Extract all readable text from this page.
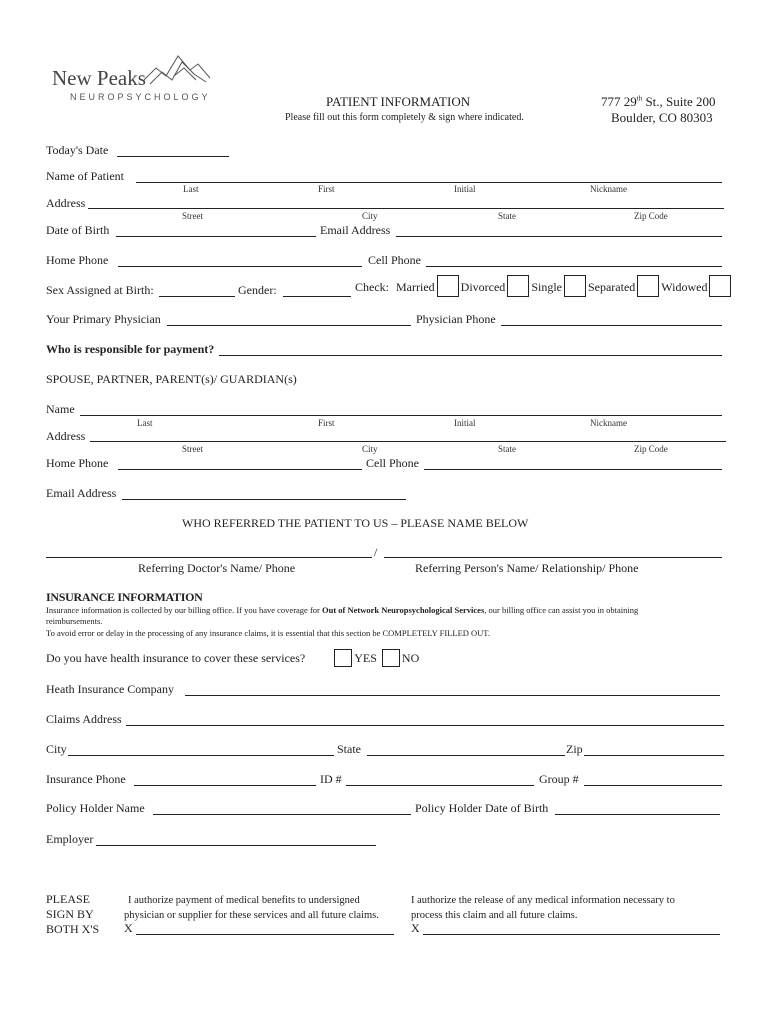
New Peaks
NEUROPSYCHOLOGY	PATIENT INFORMATION
Please fill out this form completely & sign where indicated.
777 29th St., Suite 200
Boulder, CO 80303
Today's Date
Name of Patient
Last	First	Initial	Nickname
Address
Street	City	State	Zip Code
Date of Birth	Email Address
Home Phone	Cell Phone
Sex Assigned at Birth:	Gender:	Check: Married Divorced Single Separated Widowed
Your Primary Physician	Physician Phone
Who is responsible for payment?
SPOUSE, PARTNER, PARENT(s)/ GUARDIAN(s)
Name
Last	First	Initial	Nickname
Address
Street	City	State	Zip Code
Home Phone	Cell Phone
Email Address
WHO REFERRED THE PATIENT TO US – PLEASE NAME BELOW
/
Referring Doctor's Name/ Phone	Referring Person's Name/ Relationship/ Phone
INSURANCE INFORMATION
Insurance information is collected by our billing office. If you have coverage for Out of Network Neuropsychological Services, our billing office can assist you in obtaining
reimbursements.
To avoid error or delay in the processing of any insurance claims, it is essential that this section be COMPLETELY FILLED OUT.
Do you have health insurance to cover these services?	YES NO
Heath Insurance Company
Claims Address
City	State	Zip
Insurance Phone	ID #	Group #
Policy Holder Name	Policy Holder Date of Birth
Employer
PLEASE
SIGN BY
BOTH X'S
I authorize payment of medical benefits to undersigned
physician or supplier for these services and all future claims.
I authorize the release of any medical information necessary to
process this claim and all future claims.
X	X
